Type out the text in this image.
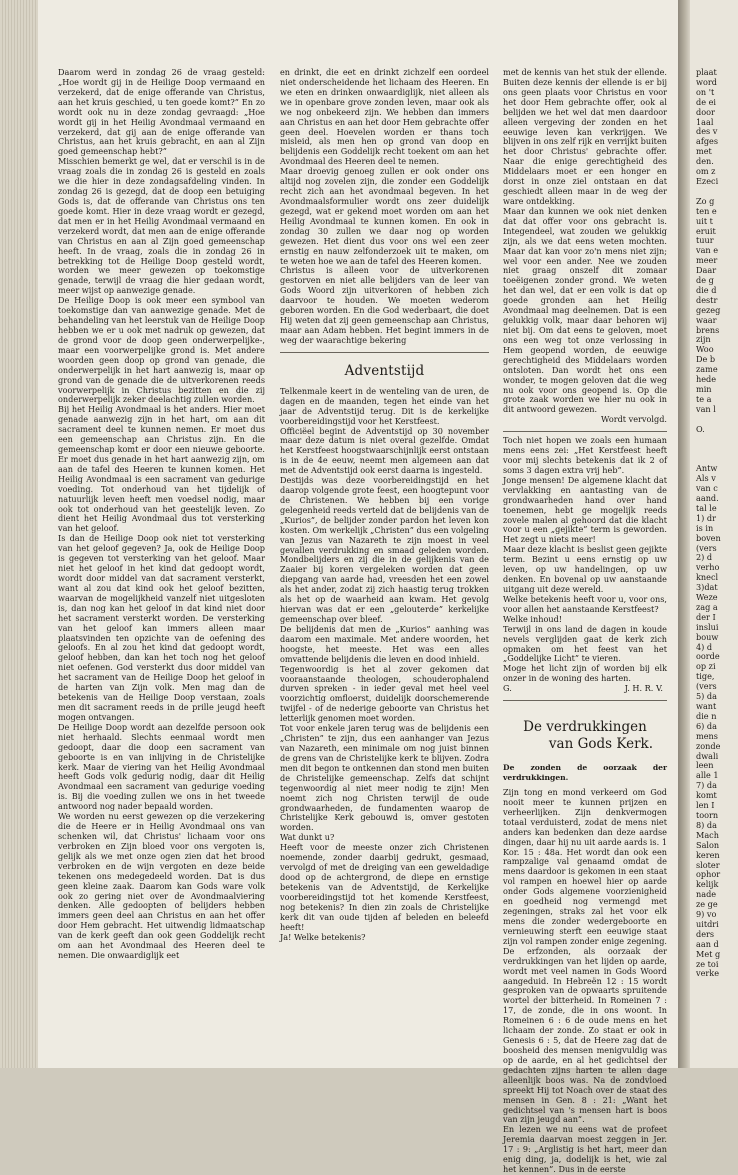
Daarom werd in zondag 26 de vraag gesteld: „Hoe wordt gij in de Heilige Doop vermaand en verzekerd, dat de enige offerande van Christus, aan het kruis geschied, u ten goede komt?” En zo wordt ook nu in deze zondag gevraagd: „Hoe wordt gij in het Heilig Avondmaal vermaand en verzekerd, dat gij aan de enige offerande van Christus, aan het kruis gebracht, en aan al Zijn goed gemeenschap hebt?”

Misschien bemerkt ge wel, dat er verschil is in de vraag zoals die in zondag 26 is gesteld en zoals we die hier in deze zondagsafdeling vinden. In zondag 26 is gezegd, dat de doop een betuiging Gods is, dat de offerande van Christus ons ten goede komt. Hier in deze vraag wordt er gezegd, dat men er in het Heilig Avondmaal vermaand en verzekerd wordt, dat men aan de enige offerande van Christus en aan al Zijn goed gemeenschap heeft. In de vraag, zoals die in zondag 26 in betrekking tot de Heilige Doop gesteld wordt, worden we meer gewezen op toekomstige genade, terwijl de vraag die hier gedaan wordt, meer wijst op aanwezige genade.

De Heilige Doop is ook meer een symbool van toekomstige dan van aanwezige genade. Met de behandeling van het leerstuk van de Heilige Doop hebben we er u ook met nadruk op gewezen, dat de grond voor de doop geen onderwerpelijke-, maar een voorwerpelijke grond is. Met andere woorden geen doop op grond van genade, die onderwerpelijk in het hart aanwezig is, maar op grond van de genade die de uitverkorenen reeds voorwerpelijk in Christus bezitten en die zij onderwerpelijk zeker deelachtig zullen worden.

Bij het Heilig Avondmaal is het anders. Hier moet genade aanwezig zijn in het hart, om aan dit sacrament deel te kunnen nemen. Er moet dus een gemeenschap aan Christus zijn. En die gemeenschap komt er door een nieuwe geboorte. Er moet dus genade in het hart aanwezig zijn, om aan de tafel des Heeren te kunnen komen. Het Heilig Avondmaal is een sacrament van gedurige voeding. Tot onderhoud van het tijdelijk of natuurlijk leven heeft men voedsel nodig, maar ook tot onderhoud van het geestelijk leven. Zo dient het Heilig Avondmaal dus tot versterking van het geloof.

Is dan de Heilige Doop ook niet tot versterking van het geloof gegeven? Ja, ook de Heilige Doop is gegeven tot versterking van het geloof. Maar niet het geloof in het kind dat gedoopt wordt, wordt door middel van dat sacrament versterkt, want al zou dat kind ook het geloof bezitten, waarvan de mogelijkheid vanzelf niet uitgesloten is, dan nog kan het geloof in dat kind niet door het sacrament versterkt worden. De versterking van het geloof kan immers alleen maar plaatsvinden ten opzichte van de oefening des geloofs. En al zou het kind dat gedoopt wordt, geloof hebben, dan kan het toch nog het geloof niet oefenen. God versterkt dus door middel van het sacrament van de Heilige Doop het geloof in de harten van Zijn volk. Men mag dan de betekenis van de Heilige Doop verstaan, zoals men dit sacrament reeds in de prille jeugd heeft mogen ontvangen.

De Heilige Doop wordt aan dezelfde persoon ook niet herhaald. Slechts eenmaal wordt men gedoopt, daar die doop een sacrament van geboorte is en van inlijving in de Christelijke kerk. Maar de viering van het Heilig Avondmaal heeft Gods volk gedurig nodig, daar dit Heilig Avondmaal een sacrament van gedurige voeding is. Bij die voeding zullen we ons in het tweede antwoord nog nader bepaald worden.

We worden nu eerst gewezen op die verzekering die de Heere er in Heilig Avondmaal ons van schenken wil, dat Christus' lichaam voor ons verbroken en Zijn bloed voor ons vergoten is, gelijk als we met onze ogen zien dat het brood verbroken en de wijn vergoten en deze beide tekenen ons medegedeeld worden. Dat is dus geen kleine zaak. Daarom kan Gods ware volk ook zo gering niet over de Avondmaalviering denken. Alle gedoopten of belijders hebben immers geen deel aan Christus en aan het offer door Hem gebracht. Het uitwendig lidmaatschap van de kerk geeft dan ook geen Goddelijk recht om aan het Avondmaal des Heeren deel te nemen. Die onwaardiglijk eet

en drinkt, die eet en drinkt zichzelf een oordeel niet onderscheidende het lichaam des Heeren. En we eten en drinken onwaardiglijk, niet alleen als we in openbare grove zonden leven, maar ook als we nog onbekeerd zijn. We hebben dan immers aan Christus en aan het door Hem gebrachte offer geen deel. Hoevelen worden er thans toch misleid, als men hen op grond van doop en belijdenis een Goddelijk recht toekent om aan het Avondmaal des Heeren deel te nemen.

Maar droevig genoeg zullen er ook onder ons altijd nog zovelen zijn, die zonder een Goddelijk recht zich aan het avondmaal begeven. In het Avondmaalsformulier wordt ons zeer duidelijk gezegd, wat er gekend moet worden om aan het Heilig Avondmaal te kunnen komen. En ook in zondag 30 zullen we daar nog op worden gewezen. Het dient dus voor ons wel een zeer ernstig en nauw zelfonderzoek uit te maken, om te weten hoe we aan de tafel des Heeren komen.

Christus is alleen voor de uitverkorenen gestorven en niet alle belijders van de leer van Gods Woord zijn uitverkoren of hebben zich daarvoor te houden. We moeten wederom geboren worden. En die God wederbaart, die doet Hij weten dat zij geen gemeenschap aan Christus, maar aan Adam hebben. Het begint immers in de weg der waarachtige bekering

Adventstijd

Telkenmale keert in de wenteling van de uren, de dagen en de maanden, tegen het einde van het jaar de Adventstijd terug. Dit is de kerkelijke voorbereidingstijd voor het Kerstfeest.

Officiëel begint de Adventstijd op 30 november maar deze datum is niet overal gezelfde. Omdat het Kerstfeest hoogstwaarschijnlijk eerst ontstaan is in de 4e eeuw, neemt men algemeen aan dat met de Adventstijd ook eerst daarna is ingesteld.

Destijds was deze voorbereidingstijd en het daarop volgende grote feest, een hoogtepunt voor de Christenen. We hebben bij een vorige gelegenheid reeds verteld dat de belijdenis van de „Kurios”, de belijder zonder pardon het leven kon kosten. Om werkelijk „Christen” dus een volgeling van Jezus van Nazareth te zijn moest in veel gevallen verdrukking en smaad geleden worden. Mondbelijders en zij die in de gelijkenis van de Zaaier bij koren vergeleken worden dat geen diepgang van aarde had, vreesden het een zowel als het ander, zodat zij zich haastig terug trokken als het op de waarheid aan kwam. Het gevolg hiervan was dat er een „gelouterde” kerkelijke gemeenschap over bleef.

De belijdenis dat men de „Kurios” aanhing was daarom een maximale. Met andere woorden, het hoogste, het meeste. Het was een alles omvattende belijdenis die leven en dood inhield.

Tegenwoordig is het al zover gekomen dat vooraanstaande theologen, schouderophalend durven spreken - in ieder geval met heel veel voorzichtig omfloerst, duidelijk doorschemerende twijfel - of de nederige geboorte van Christus het letterlijk genomen moet worden.

Tot voor enkele jaren terug was de belijdenis een „Christen” te zijn, dus een aanhanger van Jezus van Nazareth, een minimale om nog juist binnen de grens van de Christelijke kerk te blijven. Zodra men dit begon te ontkennen dan stond men buiten de Christelijke gemeenschap. Zelfs dat schijnt tegenwoordig al niet meer nodig te zijn! Men noemt zich nog Christen terwijl de oude grondwaarheden, de fundamenten waarop de Christelijke Kerk gebouwd is, omver gestoten worden.

Wat dunkt u?

Heeft voor de meeste onzer zich Christenen noemende, zonder daarbij gedrukt, gesmaad, vervolgd of met de dreiging van een geweldadige dood op de achtergrond, de diepe en ernstige betekenis van de Adventstijd, de Kerkelijke voorbereidingstijd tot het komende Kerstfeest, nog betekenis? In dien zin zoals de Christelijke kerk dit van oude tijden af beleden en beleefd heeft!

Ja! Welke betekenis?

met de kennis van het stuk der ellende. Buiten deze kennis der ellende is er bij ons geen plaats voor Christus en voor het door Hem gebrachte offer, ook al belijden we het wel dat men daardoor alleen vergeving der zonden en het eeuwige leven kan verkrijgen. We blijven in ons zelf rijk en verrijkt buiten het door Christus' gebrachte offer. Naar die enige gerechtigheid des Middelaars moet er een honger en dorst in onze ziel ontstaan en dat geschiedt alleen maar in de weg der ware ontdekking.

Maar dan kunnen we ook niet denken dat dat offer voor ons gebracht is. Integendeel, wat zouden we gelukkig zijn, als we dat eens weten mochten. Maar dat kan voor zo'n mens niet zijn; wel voor een ander. Nee we zouden niet graag onszelf dit zomaar toeëigenen zonder grond. We weten het dan wel, dat er een volk is dat op goede gronden aan het Heilig Avondmaal mag deelnemen. Dat is een gelukkig volk, maar daar behoren wij niet bij. Om dat eens te geloven, moet ons een weg tot onze verlossing in Hem geopend worden, de eeuwige gerechtigheid des Middelaars worden ontsloten. Dan wordt het ons een wonder, te mogen geloven dat die weg nu ook voor ons geopend is. Op die grote zaak worden we hier nu ook in dit antwoord gewezen.

Wordt vervolgd.

Toch niet hopen we zoals een humaan mens eens zei: „Het Kerstfeest heeft voor mij slechts betekenis dat ik 2 of soms 3 dagen extra vrij heb”.

Jonge mensen! De algemene klacht dat vervlakking en aantasting van de grondwaarheden hand over hand toenemen, hebt ge mogelijk reeds zovele malen al gehoord dat die klacht voor u een „gejikte” term is geworden. Het zegt u niets meer!

Maar deze klacht is beslist geen gejikte term. Bezint u eens ernstig op uw leven, op uw handelingen, op uw denken. En bovenal op uw aanstaande uitgang uit deze wereld.

Welke betekenis heeft voor u, voor ons, voor allen het aanstaande Kerstfeest?

Welke inhoud!

Terwijl in ons land de dagen in koude nevels verglijden gaat de kerk zich opmaken om het feest van het „Goddelijke Licht” te vieren.

Moge het licht zijn of worden bij elk onzer in de woning des harten.

G.	J. H. R. V.
De verdrukkingen
van Gods Kerk.
De zonden de oorzaak der verdrukkingen.

Zijn tong en mond verkeerd om God nooit meer te kunnen prijzen en verheerlijken. Zijn denkvermogen totaal verduisterd, zodat de mens niet anders kan bedenken dan deze aardse dingen, daar hij nu uit aarde aards is. 1 Kor. 15 : 48a. Het wordt dan ook een rampzalige val genaamd omdat de mens daardoor is gekomen in een staat vol rampen en hoewel hier op aarde onder Gods algemene voorzienigheid en goedheid nog vermengd met zegeningen, straks zal het voor elk mens die zonder wedergeboorte en vernieuwing sterft een eeuwige staat zijn vol rampen zonder enige zegening. De erfzonden, als oorzaak der verdrukkingen van het lijden op aarde, wordt met veel namen in Gods Woord aangeduid. In Hebreën 12 : 15 wordt gesproken van de opwaarts spruitende wortel der bitterheid. In Romeinen 7 : 17, de zonde, die in ons woont. In Romeinen 6 : 6 de oude mens en het lichaam der zonde. Zo staat er ook in Genesis 6 : 5, dat de Heere zag dat de boosheid des mensen menigvuldig was op de aarde, en al het gedichtsel der gedachten zijns harten te allen dage alleenlijk boos was. Na de zondvloed spreekt Hij tot Noach over de staat des mensen in Gen. 8 : 21: „Want het gedichtsel van 's mensen hart is boos van zijn jeugd aan”.

En lezen we nu eens wat de profeet Jeremia daarvan moest zeggen in Jer. 17 : 9: „Arglistig is het hart, meer dan enig ding, ja, dodelijk is het, wie zal het kennen”. Dus in de eerste

plaat
word
on 't
de ei
door
1aal
des v
afges
met
den.
om z
Ezeci
Zo g
ten e
uit t
eruit
tuur
van e
meer
Daar
de g
die d
destr
gezeg
waar
brens
zijn
Woo
De b
zame
hede
min
te a
van l
O.
Antw
Als v
van c
aand.
tal le
1) dr
is in
boven
(vers
2) d
verho
knecl
3)dat
Weze
zag a
der I
inslui
bouw
4) d
oorde
op zi
tige,
(vers
5) da
want
die n
6) da
mens
zonde
dwali
leen
alle 1
7) da
komt
len I
toorn
8) da
Mach
Salon
keren
sloter
ophor
kelijk
nade
ze ge
9) vo
uitdri
ders
aan d
Met g
ze toi
verke
